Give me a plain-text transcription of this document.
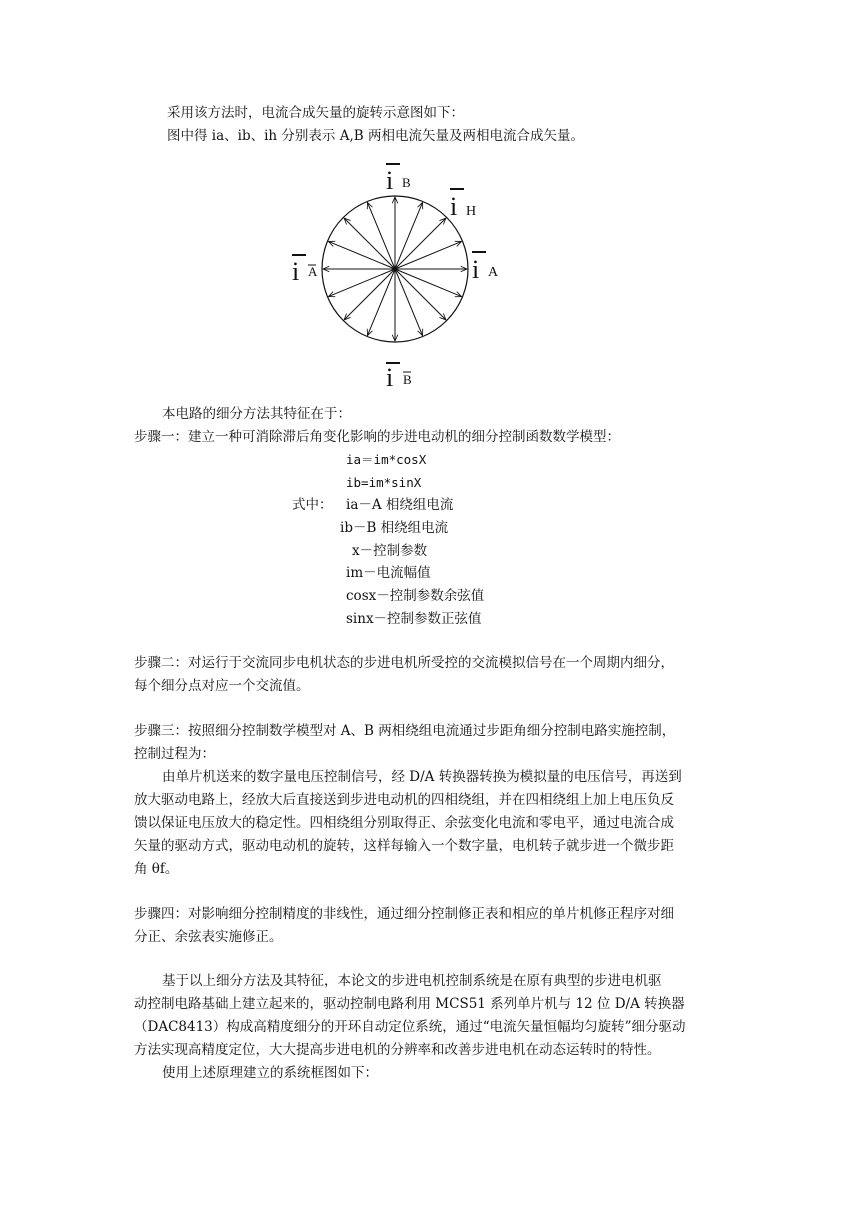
采用该方法时，电流合成矢量的旋转示意图如下：
图中得 ia、ib、ih 分别表示 A,B 两相电流矢量及两相电流合成矢量。
i B
i H
i A
i A
i B
本电路的细分方法其特征在于：
步骤一：建立一种可消除滞后角变化影响的步进电动机的细分控制函数数学模型：
ia＝im*cosX
ib=im*sinX
式中： ia－A 相绕组电流
ib－B 相绕组电流
x－控制参数
im－电流幅值
cosx－控制参数余弦值
sinx－控制参数正弦值
步骤二：对运行于交流同步电机状态的步进电机所受控的交流模拟信号在一个周期内细分，
每个细分点对应一个交流值。
步骤三：按照细分控制数学模型对 A、B 两相绕组电流通过步距角细分控制电路实施控制，
控制过程为：
由单片机送来的数字量电压控制信号，经 D/A 转换器转换为模拟量的电压信号，再送到
放大驱动电路上，经放大后直接送到步进电动机的四相绕组，并在四相绕组上加上电压负反
馈以保证电压放大的稳定性。四相绕组分别取得正、余弦变化电流和零电平，通过电流合成
矢量的驱动方式，驱动电动机的旋转，这样每输入一个数字量，电机转子就步进一个微步距
角 θf。
步骤四：对影响细分控制精度的非线性，通过细分控制修正表和相应的单片机修正程序对细
分正、余弦表实施修正。
基于以上细分方法及其特征，本论文的步进电机控制系统是在原有典型的步进电机驱
动控制电路基础上建立起来的，驱动控制电路利用 MCS51 系列单片机与 12 位 D/A 转换器
（DAC8413）构成高精度细分的开环自动定位系统，通过“电流矢量恒幅均匀旋转”细分驱动
方法实现高精度定位，大大提高步进电机的分辨率和改善步进电机在动态运转时的特性。
使用上述原理建立的系统框图如下：
